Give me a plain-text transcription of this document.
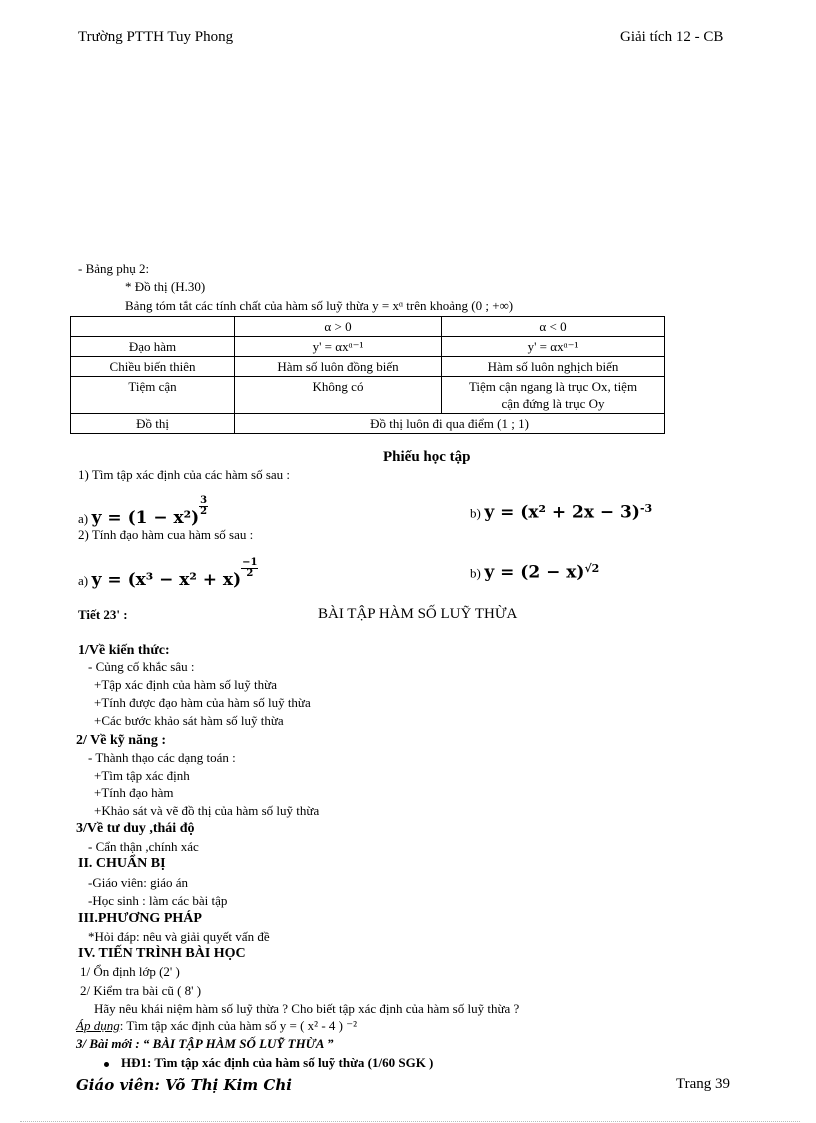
Trường PTTH Tuy Phong	Giải tích 12 - CB
- Bảng phụ 2:
* Đồ thị (H.30)
Bảng tóm tắt các tính chất của hàm số luỹ thừa y = xᵅ trên khoảng (0 ; +∞)
	α > 0	α < 0
Đạo hàm	y' = αxᵅ⁻¹	y' = αxᵅ⁻¹
Chiều biến thiên	Hàm số luôn đồng biến	Hàm số luôn nghịch biến
Tiệm cận	Không có	Tiệm cận ngang là trục Ox, tiệm
cận đứng là trục Oy

Đồ thị	Đồ thị luôn đi qua điểm (1 ; 1)	
Phiếu học tập
1) Tìm tập xác định của các hàm số sau :
a) y = (1 − x²)
$\frac{3}{2}$	b) $y = (x^2 + 2x - 3)^{-3}$
2) Tính đạo hàm cua hàm số sau :
a) y = (x³ − x² + x)
$\frac{-1}{2}$	b) $y = (2 - x)^{√2}$
Tiết 23' :	BÀI TẬP HÀM SỐ LUỸ THỪA
1/Về kiến thức:
- Củng cố khắc sâu :
+Tập xác định của hàm số luỹ thừa
+Tính được đạo hàm của hàm số luỹ thừa
+Các bước khảo sát hàm số luỹ thừa
2/ Về kỹ năng :
- Thành thạo các dạng toán :
+Tìm tập xác định
+Tính đạo hàm
+Khảo sát và vẽ đồ thị của hàm số luỹ thừa
3/Về tư duy ,thái độ
- Cẩn thận ,chính xác
II. CHUẨN BỊ
-Giáo viên: giáo án
-Học sinh : làm các bài tập
III.PHƯƠNG PHÁP
*Hỏi đáp: nêu và giải quyết vấn đề
IV. TIẾN TRÌNH BÀI HỌC
1/ Ổn định lớp (2' )
2/ Kiểm tra bài cũ ( 8' )
Hãy nêu khái niệm hàm số luỹ thừa ? Cho biết tập xác định của hàm số luỹ thừa ?
Áp dụng: Tìm tập xác định của hàm số y = ( x² - 4 ) ⁻²
3/ Bài mới : “ BÀI TẬP HÀM SỐ LUỸ THỪA ”
HĐ1: Tìm tập xác định của hàm số luỹ thừa (1/60 SGK )
Giáo viên: Võ Thị Kim Chi	Trang 39
